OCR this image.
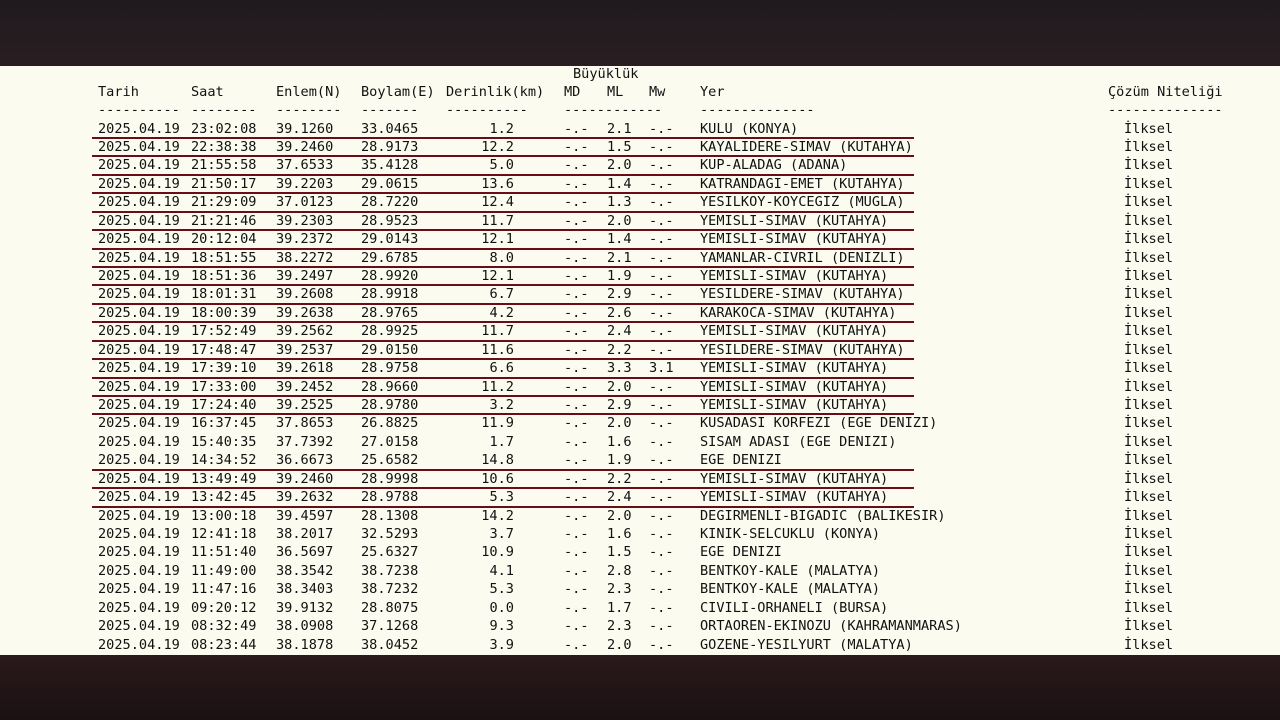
Büyüklük
Tarih	Saat	Enlem(N) Boylam(E) Derinlik(km) MD ML Mw	Yer	Çözüm Niteliği
---------- -------- -------- ------- ----------	------------	--------------	--------------
2025.04.19 23:02:08 39.1260 33.0465	1.2	-.- 2.1 -.- KULU (KONYA)	İlksel
2025.04.19 22:38:38 39.2460 28.9173	12.2	-.- 1.5 -.- KAYALIDERE-SIMAV (KUTAHYA)	İlksel
2025.04.19 21:55:58 37.6533 35.4128	5.0	-.- 2.0 -.- KUP-ALADAG (ADANA)	İlksel
2025.04.19 21:50:17 39.2203 29.0615	13.6	-.- 1.4 -.- KATRANDAGI-EMET (KUTAHYA)	İlksel
2025.04.19 21:29:09 37.0123 28.7220	12.4	-.- 1.3 -.- YESILKOY-KOYCEGIZ (MUGLA)	İlksel
2025.04.19 21:21:46 39.2303 28.9523	11.7	-.- 2.0 -.- YEMISLI-SIMAV (KUTAHYA)	İlksel
2025.04.19 20:12:04 39.2372 29.0143	12.1	-.- 1.4 -.- YEMISLI-SIMAV (KUTAHYA)	İlksel
2025.04.19 18:51:55 38.2272 29.6785	8.0	-.- 2.1 -.- YAMANLAR-CIVRIL (DENIZLI)	İlksel
2025.04.19 18:51:36 39.2497 28.9920	12.1	-.- 1.9 -.- YEMISLI-SIMAV (KUTAHYA)	İlksel
2025.04.19 18:01:31 39.2608 28.9918	6.7	-.- 2.9 -.- YESILDERE-SIMAV (KUTAHYA)	İlksel
2025.04.19 18:00:39 39.2638 28.9765	4.2	-.- 2.6 -.- KARAKOCA-SIMAV (KUTAHYA)	İlksel
2025.04.19 17:52:49 39.2562 28.9925	11.7	-.- 2.4 -.- YEMISLI-SIMAV (KUTAHYA)	İlksel
2025.04.19 17:48:47 39.2537 29.0150	11.6	-.- 2.2 -.- YESILDERE-SIMAV (KUTAHYA)	İlksel
2025.04.19 17:39:10 39.2618 28.9758	6.6	-.- 3.3 3.1 YEMISLI-SIMAV (KUTAHYA)	İlksel
2025.04.19 17:33:00 39.2452 28.9660	11.2	-.- 2.0 -.- YEMISLI-SIMAV (KUTAHYA)	İlksel
2025.04.19 17:24:40 39.2525 28.9780	3.2	-.- 2.9 -.- YEMISLI-SIMAV (KUTAHYA)	İlksel
2025.04.19 16:37:45 37.8653 26.8825	11.9	-.- 2.0 -.- KUSADASI KORFEZI (EGE DENIZI)	İlksel
2025.04.19 15:40:35 37.7392 27.0158	1.7	-.- 1.6 -.- SISAM ADASI (EGE DENIZI)	İlksel
2025.04.19 14:34:52 36.6673 25.6582	14.8	-.- 1.9 -.- EGE DENIZI	İlksel
2025.04.19 13:49:49 39.2460 28.9998	10.6	-.- 2.2 -.- YEMISLI-SIMAV (KUTAHYA)	İlksel
2025.04.19 13:42:45 39.2632 28.9788	5.3	-.- 2.4 -.- YEMISLI-SIMAV (KUTAHYA)	İlksel
2025.04.19 13:00:18 39.4597 28.1308	14.2	-.- 2.0 -.- DEGIRMENLI-BIGADIC (BALIKESIR)	İlksel
2025.04.19 12:41:18 38.2017 32.5293	3.7	-.- 1.6 -.- KINIK-SELCUKLU (KONYA)	İlksel
2025.04.19 11:51:40 36.5697 25.6327	10.9	-.- 1.5 -.- EGE DENIZI	İlksel
2025.04.19 11:49:00 38.3542 38.7238	4.1	-.- 2.8 -.- BENTKOY-KALE (MALATYA)	İlksel
2025.04.19 11:47:16 38.3403 38.7232	5.3	-.- 2.3 -.- BENTKOY-KALE (MALATYA)	İlksel
2025.04.19 09:20:12 39.9132 28.8075	0.0	-.- 1.7 -.- CIVILI-ORHANELI (BURSA)	İlksel
2025.04.19 08:32:49 38.0908 37.1268	9.3	-.- 2.3 -.- ORTAOREN-EKINOZU (KAHRAMANMARAS)	İlksel
2025.04.19 08:23:44 38.1878 38.0452	3.9	-.- 2.0 -.- GOZENE-YESILYURT (MALATYA)	İlksel
